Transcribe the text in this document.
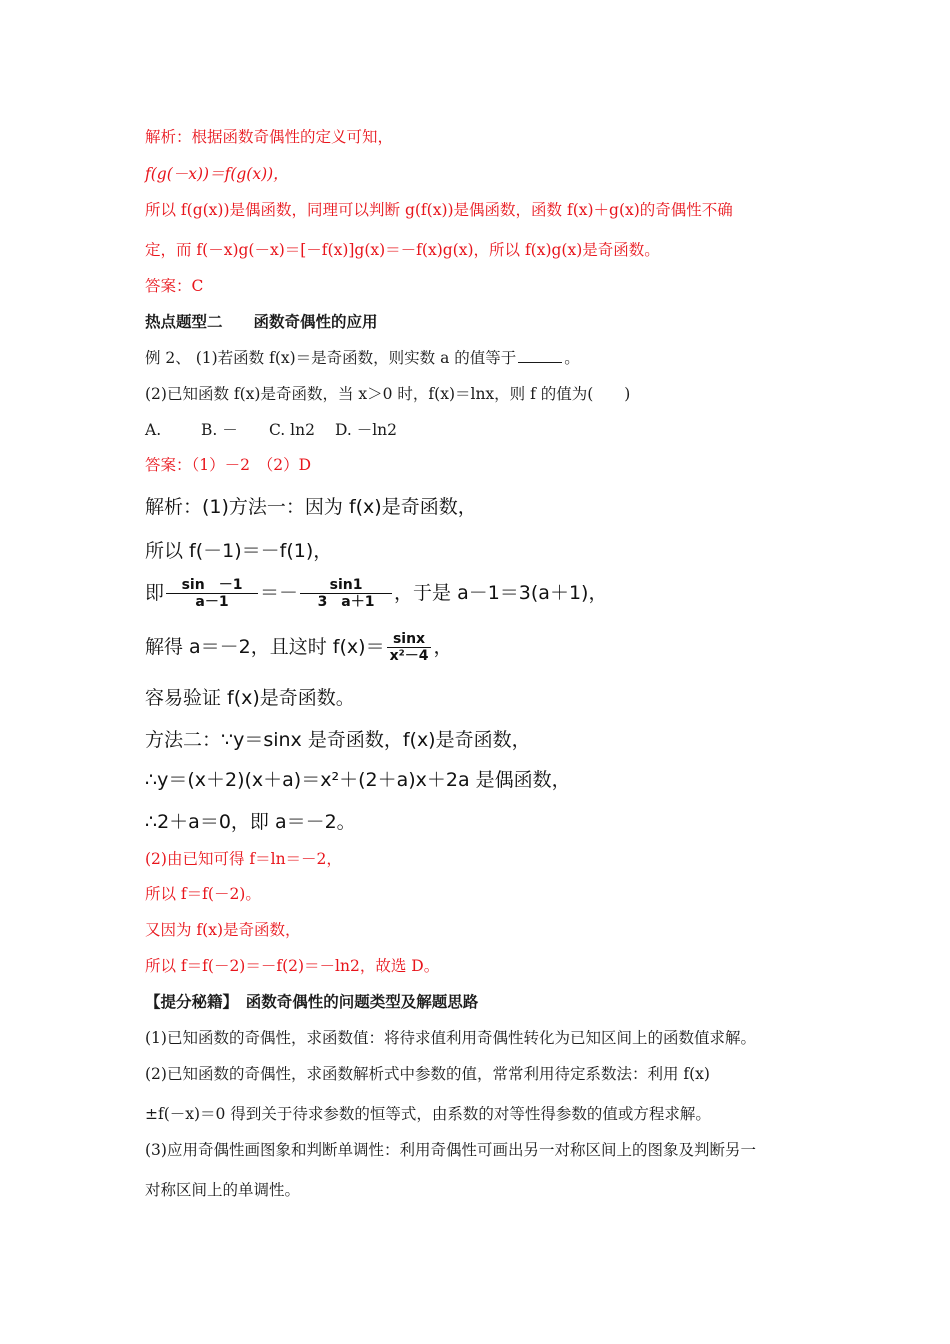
解析：根据函数奇偶性的定义可知，
f(g(－x))＝f(g(x))，
所以 f(g(x))是偶函数，同理可以判断 g(f(x))是偶函数，函数 f(x)＋g(x)的奇偶性不确
定，而 f(－x)g(－x)＝[－f(x)]g(x)＝－f(x)g(x)，所以 f(x)g(x)是奇函数。
答案：C
热点题型二　　函数奇偶性的应用
例 2、 (1)若函数 f(x)＝是奇函数，则实数 a 的值等于	。
(2)已知函数 f(x)是奇函数，当 x＞0 时，f(x)＝lnx，则 f 的值为(　　)
A.	B. － C. ln2 D. －ln2
答案：（1）－2　（2）D
解析：(1)方法一：因为 f(x)是奇函数，
所以 f(－1)＝－f(1)，
即 $\frac{\sin -1}{a-1} =- \frac{\sin 1}{3 a+1}$ ，于是 a－1＝3(a＋1)，
解得 a＝－2，且这时 $f(x)= \frac{\sin x}{\text{x²－4}}$ ，
容易验证 f(x)是奇函数。
方法二：∵y＝sinx 是奇函数，f(x)是奇函数，
∴y＝(x＋2)(x＋a)＝x²＋(2＋a)x＋2a 是偶函数，
∴2＋a＝0，即 a＝－2。
(2)由已知可得 f＝ln＝－2，
所以 f＝f(－2)。
又因为 f(x)是奇函数，
所以 f＝f(－2)＝－f(2)＝－ln2，故选 D。
【提分秘籍】　函数奇偶性的问题类型及解题思路
(1)已知函数的奇偶性，求函数值：将待求值利用奇偶性转化为已知区间上的函数值求解。
(2)已知函数的奇偶性，求函数解析式中参数的值，常常利用待定系数法：利用 f(x)
±f(－x)＝0 得到关于待求参数的恒等式，由系数的对等性得参数的值或方程求解。
(3)应用奇偶性画图象和判断单调性：利用奇偶性可画出另一对称区间上的图象及判断另一
对称区间上的单调性。
